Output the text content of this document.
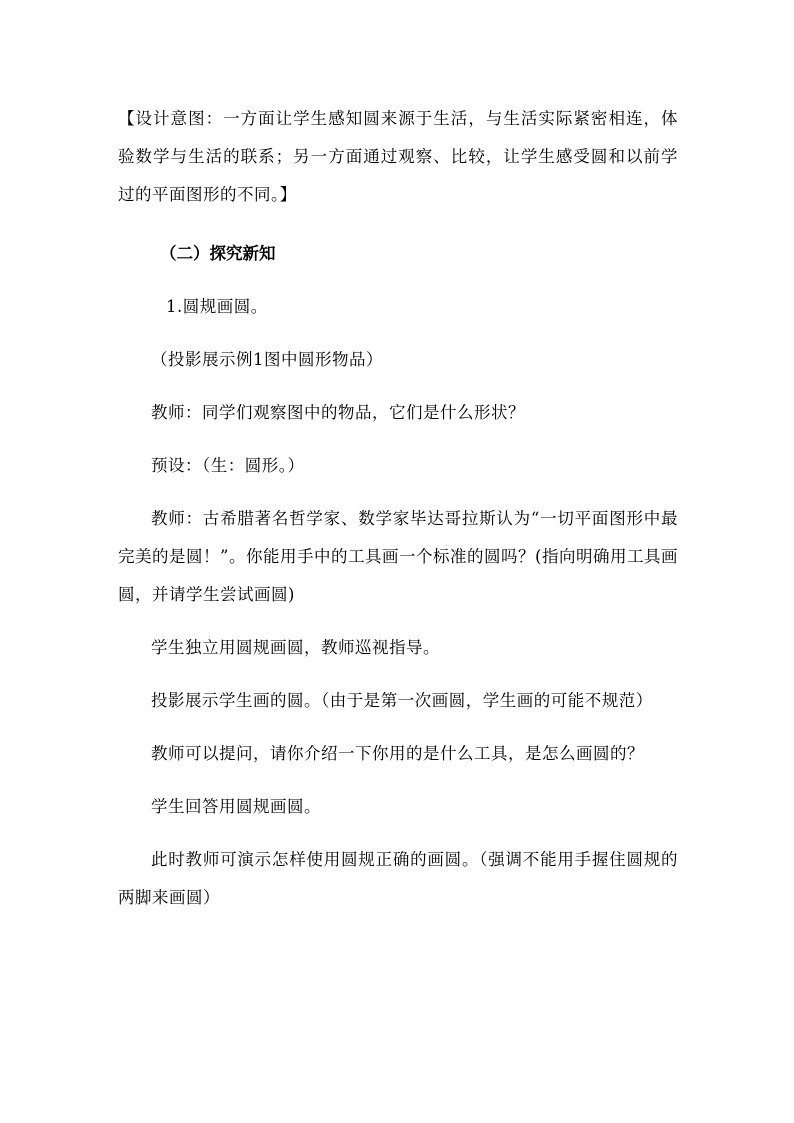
【设计意图：一方面让学生感知圆来源于生活，与生活实际紧密相连，体验数学与生活的联系；另一方面通过观察、比较，让学生感受圆和以前学过的平面图形的不同。】

（二）探究新知

1.圆规画圆。

（投影展示例1图中圆形物品）

教师：同学们观察图中的物品，它们是什么形状？

预设：（生：圆形。）

教师：古希腊著名哲学家、数学家毕达哥拉斯认为“一切平面图形中最完美的是圆！”。你能用手中的工具画一个标准的圆吗？(指向明确用工具画圆，并请学生尝试画圆)

学生独立用圆规画圆，教师巡视指导。

投影展示学生画的圆。（由于是第一次画圆，学生画的可能不规范）

教师可以提问，请你介绍一下你用的是什么工具，是怎么画圆的？

学生回答用圆规画圆。

此时教师可演示怎样使用圆规正确的画圆。（强调不能用手握住圆规的两脚来画圆）
